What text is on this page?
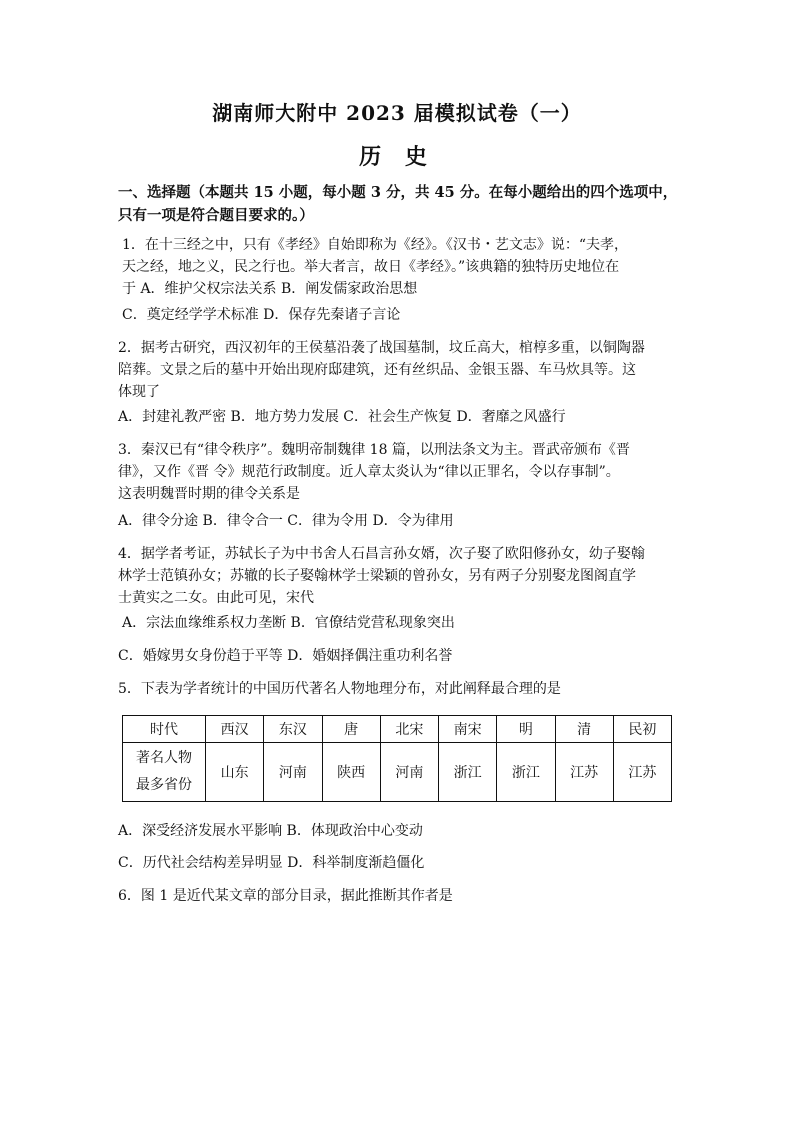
湖南师大附中 2023 届模拟试卷（一）
历 史
一、选择题（本题共 15 小题，每小题 3 分，共 45 分。在每小题给出的四个选项中，
只有一项是符合题目要求的。）
1．在十三经之中，只有《孝经》自始即称为《经》。《汉书・艺文志》说：“夫孝，
天之经，地之义，民之行也。举大者言，故日《孝经》。”该典籍的独特历史地位在
于 A．维护父权宗法关系 B．阐发儒家政治思想
C．奠定经学学术标准 D．保存先秦诸子言论
2．据考古研究，西汉初年的王侯墓沿袭了战国墓制，坟丘高大，棺椁多重，以铜陶器
陪葬。文景之后的墓中开始出现府邸建筑，还有丝织品、金银玉器、车马炊具等。这
体现了
A．封建礼教严密 B．地方势力发展 C．社会生产恢复 D．奢靡之风盛行
3．秦汉已有“律令秩序”。魏明帝制魏律 18 篇，以刑法条文为主。晋武帝颁布《晋
律》，又作《晋 令》规范行政制度。近人章太炎认为“律以正罪名，令以存事制”。
这表明魏晋时期的律令关系是
A．律令分途 B．律令合一 C．律为令用 D．令为律用
4．据学者考证，苏轼长子为中书舍人石昌言孙女婿，次子娶了欧阳修孙女，幼子娶翰
林学士范镇孙女；苏辙的长子娶翰林学士梁颖的曾孙女，另有两子分别娶龙图阁直学
士黄实之二女。由此可见，宋代
A．宗法血缘维系权力垄断 B．官僚结党营私现象突出
C．婚嫁男女身份趋于平等 D．婚姻择偶注重功利名誉
5．下表为学者统计的中国历代著名人物地理分布，对此阐释最合理的是
时代	西汉	东汉	唐	北宋	南宋	明	清	民初

著名人物
最多省份	山东	河南	陕西	河南	浙江	浙江	江苏	江苏
A．深受经济发展水平影响 B．体现政治中心变动
C．历代社会结构差异明显 D．科举制度渐趋僵化
6．图 1 是近代某文章的部分目录，据此推断其作者是
